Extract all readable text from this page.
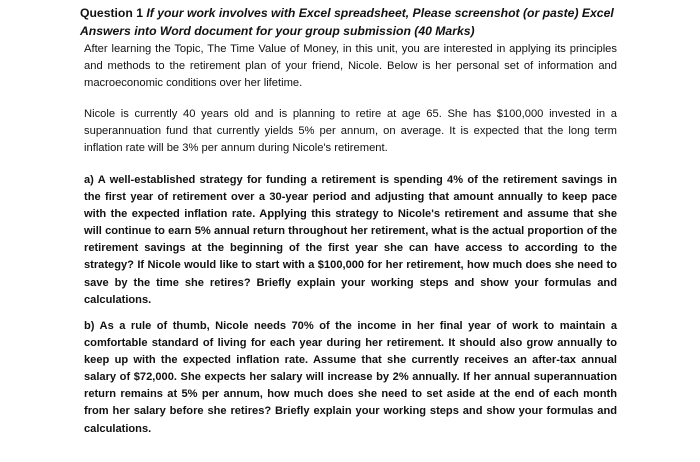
Question 1 If your work involves with Excel spreadsheet, Please screenshot (or paste) Excel Answers into Word document for your group submission (40 Marks)

After learning the Topic, The Time Value of Money, in this unit, you are interested in applying its principles and methods to the retirement plan of your friend, Nicole. Below is her personal set of information and macroeconomic conditions over her lifetime.

Nicole is currently 40 years old and is planning to retire at age 65. She has $100,000 invested in a superannuation fund that currently yields 5% per annum, on average. It is expected that the long term inflation rate will be 3% per annum during Nicole's retirement.

a) A well-established strategy for funding a retirement is spending 4% of the retirement savings in the first year of retirement over a 30-year period and adjusting that amount annually to keep pace with the expected inflation rate. Applying this strategy to Nicole's retirement and assume that she will continue to earn 5% annual return throughout her retirement, what is the actual proportion of the retirement savings at the beginning of the first year she can have access to according to the strategy? If Nicole would like to start with a $100,000 for her retirement, how much does she need to save by the time she retires? Briefly explain your working steps and show your formulas and calculations.

b) As a rule of thumb, Nicole needs 70% of the income in her final year of work to maintain a comfortable standard of living for each year during her retirement. It should also grow annually to keep up with the expected inflation rate. Assume that she currently receives an after-tax annual salary of $72,000. She expects her salary will increase by 2% annually. If her annual superannuation return remains at 5% per annum, how much does she need to set aside at the end of each month from her salary before she retires? Briefly explain your working steps and show your formulas and calculations.
